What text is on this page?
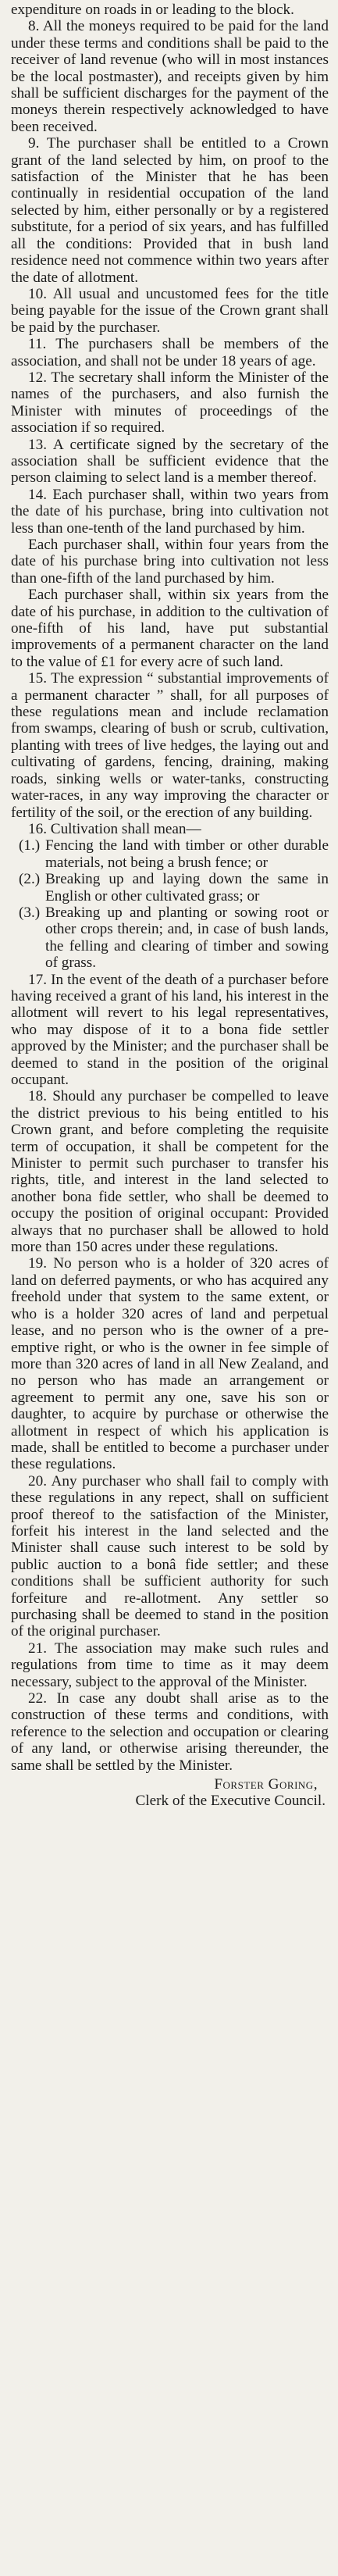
expenditure on roads in or leading to the block.

8. All the moneys required to be paid for the land under these terms and conditions shall be paid to the receiver of land revenue (who will in most instances be the local postmaster), and receipts given by him shall be sufficient discharges for the payment of the moneys therein respectively acknowledged to have been received.

9. The purchaser shall be entitled to a Crown grant of the land selected by him, on proof to the satisfaction of the Minister that he has been continually in residential occupation of the land selected by him, either personally or by a registered substitute, for a period of six years, and has fulfilled all the conditions: Provided that in bush land residence need not commence within two years after the date of allotment.

10. All usual and uncustomed fees for the title being payable for the issue of the Crown grant shall be paid by the purchaser.

11. The purchasers shall be members of the association, and shall not be under 18 years of age.

12. The secretary shall inform the Minister of the names of the purchasers, and also furnish the Minister with minutes of proceedings of the association if so required.

13. A certificate signed by the secretary of the association shall be sufficient evidence that the person claiming to select land is a member thereof.

14. Each purchaser shall, within two years from the date of his purchase, bring into cultivation not less than one-tenth of the land purchased by him.

Each purchaser shall, within four years from the date of his purchase bring into cultivation not less than one-fifth of the land purchased by him.

Each purchaser shall, within six years from the date of his purchase, in addition to the cultivation of one-fifth of his land, have put substantial improvements of a permanent character on the land to the value of £1 for every acre of such land.

15. The expression “ substantial improvements of a permanent character ” shall, for all purposes of these regulations mean and include reclamation from swamps, clearing of bush or scrub, cultivation, planting with trees of live hedges, the laying out and cultivating of gardens, fencing, draining, making roads, sinking wells or water-tanks, constructing water-races, in any way improving the character or fertility of the soil, or the erection of any building.

16. Cultivation shall mean—

(1.) Fencing the land with timber or other durable materials, not being a brush fence; or

(2.) Breaking up and laying down the same in English or other cultivated grass; or

(3.) Breaking up and planting or sowing root or other crops therein; and, in case of bush lands, the felling and clearing of timber and sowing of grass.

17. In the event of the death of a purchaser before having received a grant of his land, his interest in the allotment will revert to his legal representatives, who may dispose of it to a bona fide settler approved by the Minister; and the purchaser shall be deemed to stand in the position of the original occupant.

18. Should any purchaser be compelled to leave the district previous to his being entitled to his Crown grant, and before completing the requisite term of occupation, it shall be competent for the Minister to permit such purchaser to transfer his rights, title, and interest in the land selected to another bona fide settler, who shall be deemed to occupy the position of original occupant: Provided always that no purchaser shall be allowed to hold more than 150 acres under these regulations.

19. No person who is a holder of 320 acres of land on deferred payments, or who has acquired any freehold under that system to the same extent, or who is a holder 320 acres of land and perpetual lease, and no person who is the owner of a pre-emptive right, or who is the owner in fee simple of more than 320 acres of land in all New Zealand, and no person who has made an arrangement or agreement to permit any one, save his son or daughter, to acquire by purchase or otherwise the allotment in respect of which his application is made, shall be entitled to become a purchaser under these regulations.

20. Any purchaser who shall fail to comply with these regulations in any repect, shall on sufficient proof thereof to the satisfaction of the Minister, forfeit his interest in the land selected and the Minister shall cause such interest to be sold by public auction to a bonâ fide settler; and these conditions shall be sufficient authority for such forfeiture and re-allotment. Any settler so purchasing shall be deemed to stand in the position of the original purchaser.

21. The association may make such rules and regulations from time to time as it may deem necessary, subject to the approval of the Minister.

22. In case any doubt shall arise as to the construction of these terms and conditions, with reference to the selection and occupation or clearing of any land, or otherwise arising thereunder, the same shall be settled by the Minister.

Forster Goring,

Clerk of the Executive Council.
